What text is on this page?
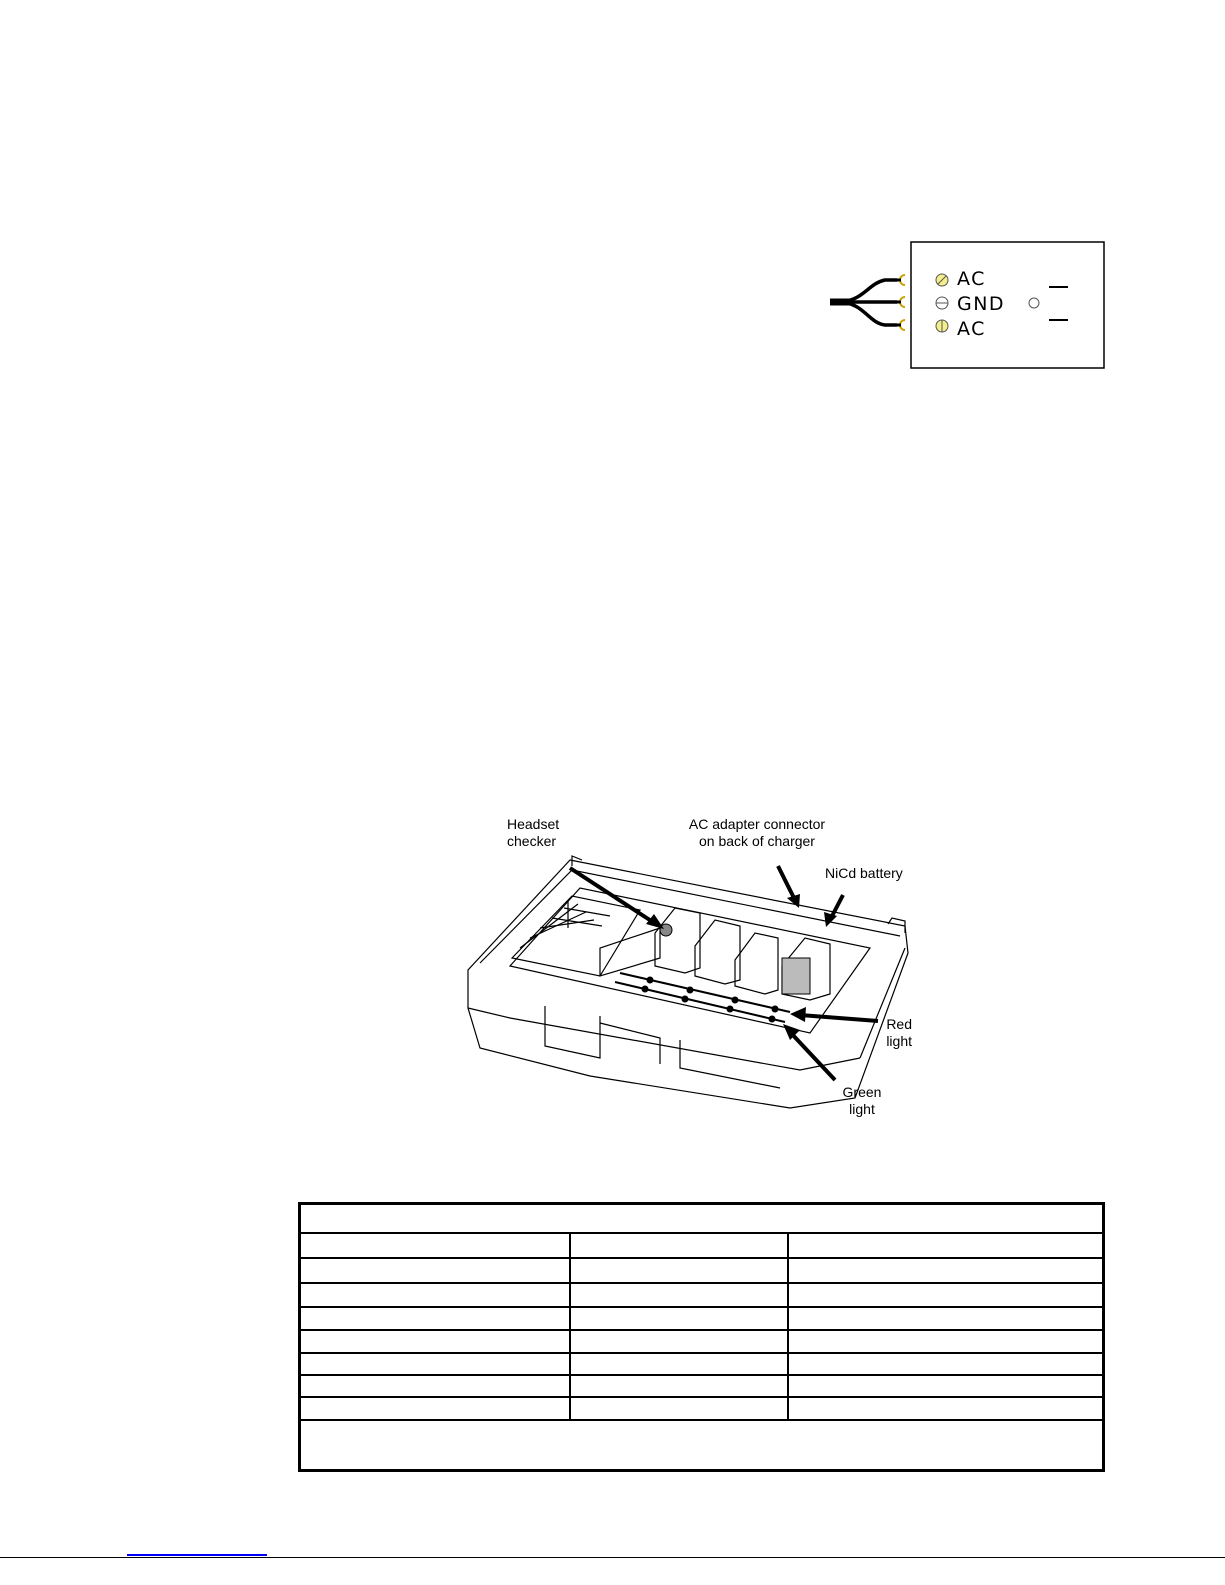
AC
GND
AC
Headset
checker
AC adapter connector
on back of charger
NiCd battery
Red
light
Green
light
